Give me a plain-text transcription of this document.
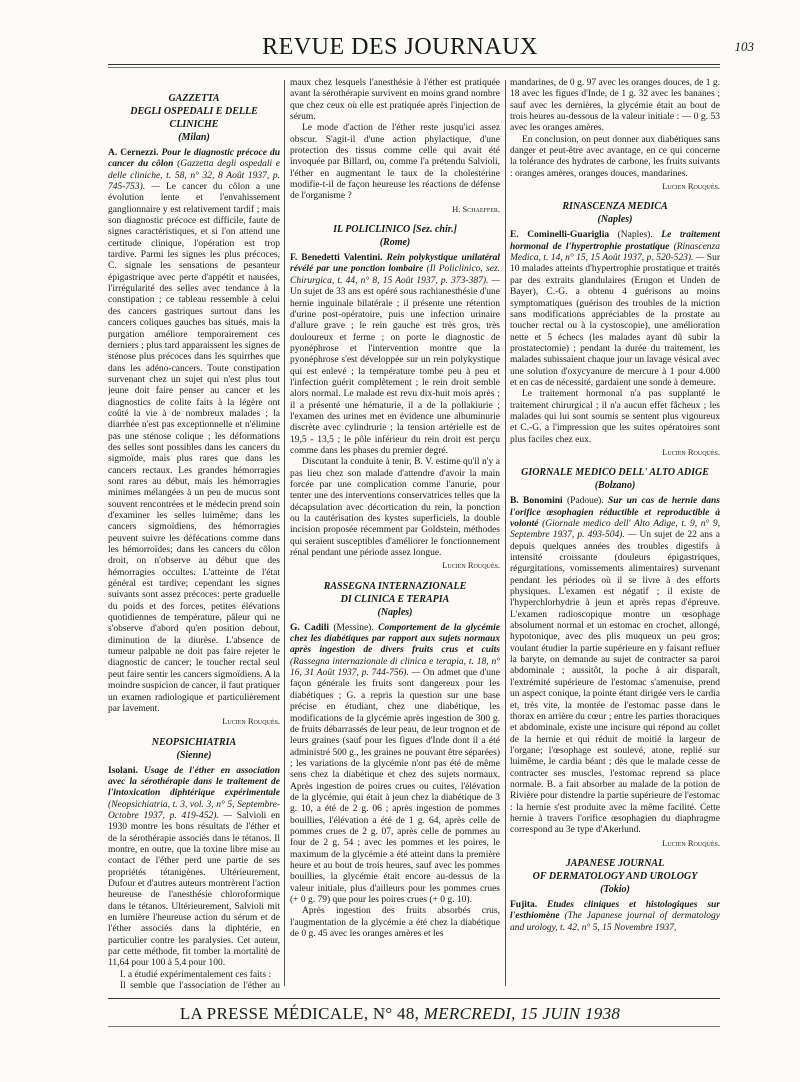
REVUE DES JOURNAUX	103
GAZZETTA
DEGLI OSPEDALI E DELLE CLINICHE
(Milan)

A. Cernezzi. Pour le diagnostic précoce du cancer du côlon (Gazzetta degli ospedali e delle cliniche, t. 58, n° 32, 8 Août 1937, p. 745-753). — Le cancer du côlon a une évolution lente et l'envahissement ganglionnaire y est relativement tardif ; mais son diagnostic précoce est difficile, faute de signes caractéristiques, et si l'on attend une certitude clinique, l'opération est trop tardive. Parmi les signes les plus précoces, C. signale les sensations de pesanteur épigastrique avec perte d'appétit et nausées, l'irrégularité des selles avec tendance à la constipation ; ce tableau ressemble à celui des cancers gastriques surtout dans les cancers coliques gauches bas situés, mais la purgation améliore temporairement ces derniers ; plus tard apparaissent les signes de sténose plus précoces dans les squirrhes que dans les adéno-cancers. Toute constipation survenant chez un sujet qui n'est plus tout jeune doit faire penser au cancer et les diagnostics de colite faits à la légère ont coûté la vie à de nombreux malades ; la diarrhée n'est pas exceptionnelle et n'élimine pas une sténose colique ; les déformations des selles sont possibles dans les cancers du sigmoïde, mais plus rares que dans les cancers rectaux. Les grandes hémorragies sont rares au début, mais les hémorragies minimes mélangées à un peu de mucus sont souvent rencontrées et le médecin prend soin d'examiner les selles luimême; dans les cancers sigmoïdiens, des hémorragies peuvent suivre les défécations comme dans les hémorroïdes; dans les cancers du côlon droit, on n'observe au début que des hémorragies occultes. L'atteinte de l'état général est tardive; cependant les signes suivants sont assez précoces: perte graduelle du poids et des forces, petites élévations quotidiennes de température, pâleur qui ne s'observe d'abord qu'en position debout, diminution de la diurèse. L'absence de tumeur palpable ne doit pas faire rejeter le diagnostic de cancer; le toucher rectal seul peut faire sentir les cancers sigmoïdiens. A la moindre suspicion de cancer, il faut pratiquer un examen radiologique et particulièrement par lavement.

Lucien Rouquès.
NEOPSICHIATRIA
(Sienne)

Isolani. Usage de l'éther en association avec la sérothérapie dans le traitement de l'intoxication diphtérique expérimentale (Neopsichiatria, t. 3, vol. 3, n° 5, Septembre-Octobre 1937, p. 419-452). — Salvioli en 1930 montre les bons résultats de l'éther et de la sérothérapie associés dans le tétanos. Il montre, en outre, que la toxine libre mise au contact de l'éther perd une partie de ses propriétés tétanigènes. Ultérieurement, Dufour et d'autres auteurs montrèrent l'action heureuse de l'anesthésie chloroformique dans le tétanos. Ultérieurement, Salvioli mit en lumière l'heureuse action du sérum et de l'éther associés dans la diphtérie, en particulier contre les paralysies. Cet auteur, par cette méthode, fit tomber la mortalité de 11,64 pour 100 à 5,4 pour 100.

I. a étudié expérimentalement ces faits :

Il semble que l'association de l'éther au

maux chez lesquels l'anesthésie à l'éther est pratiquée avant la sérothérapie survivent en moins grand nombre que chez ceux où elle est pratiquée après l'injection de sérum.

Le mode d'action de l'éther reste jusqu'ici assez obscur. S'agit-il d'une action phylactique, d'une protection des tissus comme celle qui avait été invoquée par Billard, ou, comme l'a prétendu Salvioli, l'éther en augmentant le taux de la cholestérine modifie-t-il de façon heureuse les réactions de défense de l'organisme ?

H. Schaeffer.
IL POLICLINICO [Sez. chir.]
(Rome)

F. Benedetti Valentini. Rein polykystique unilatéral révélé par une ponction lombaire (Il Policlinico, sez. Chirurgica, t. 44, n° 8, 15 Août 1937, p. 373-387). — Un sujet de 33 ans est opéré sous rachianesthésie d'une hernie inguinale bilatérale ; il présente une rétention d'urine post-opératoire, puis une infection urinaire d'allure grave ; le rein gauche est très gros, très douloureux et ferme ; on porte le diagnostic de pyonéphrose et l'intervention montre que la pyonéphrose s'est développée sur un rein polykystique qui est enlevé ; la température tombe peu à peu et l'infection guérit complètement ; le rein droit semble alors normal. Le malade est revu dix-huit mois après ; il a présenté une hématurie, il a de la pollakiurie ; l'examen des urines met en évidence une albuminurie discrète avec cylindrurie ; la tension artérielle est de 19,5 - 13,5 ; le pôle inférieur du rein droit est perçu comme dans les phases du premier degré.

Discutant la conduite à tenir, B. V. estime qu'il n'y a pas lieu chez son malade d'attendre d'avoir la main forcée par une complication comme l'anurie, pour tenter une des interventions conservatrices telles que la décapsulation avec décortication du rein, la ponction ou la cautérisation des kystes superficiels, la double incision proposée récemment par Goldstein, méthodes qui seraient susceptibles d'améliorer le fonctionnement rénal pendant une période assez longue.

Lucien Rouquès.
RASSEGNA INTERNAZIONALE
DI CLINICA E TERAPIA
(Naples)

G. Cadili (Messine). Comportement de la glycémie chez les diabétiques par rapport aux sujets normaux après ingestion de divers fruits crus et cuits (Rassegna internazionale di clinica e terapia, t. 18, n° 16, 31 Août 1937, p. 744-756). — On admet que d'une façon générale les fruits sont dangereux pour les diabétiques ; G. a repris la question sur une base précise en étudiant, chez une diabétique, les modifications de la glycémie après ingestion de 300 g. de fruits débarrassés de leur peau, de leur trognon et de leurs graines (sauf pour les figues d'Inde dont il a été administré 500 g., les graines ne pouvant être séparées) ; les variations de la glycémie n'ont pas été de même sens chez la diabétique et chez des sujets normaux. Après ingestion de poires crues ou cuites, l'élévation de la glycémie, qui était à jeun chez la diabétique de 3 g. 10, a été de 2 g. 06 ; après ingestion de pommes bouillies, l'élévation a été de 1 g. 64, après celle de pommes crues de 2 g. 07, après celle de pommes au four de 2 g. 54 ; avec les pommes et les poires, le maximum de la glycémie a été atteint dans la première heure et au bout de trois heures, sauf avec les pommes bouillies, la glycémie était encore au-dessus de la valeur initiale, plus d'ailleurs pour les pommes crues (+ 0 g. 79) que pour les poires crues (+ 0 g. 10).

Après ingestion des fruits absorbés crus, l'augmentation de la glycémie a été chez la diabétique de 0 g. 45 avec les oranges amères et les

mandarines, de 0 g. 97 avec les oranges douces, de 1 g. 18 avec les figues d'Inde, de 1 g. 32 avec les bananes ; sauf avec les dernières, la glycémie était au bout de trois heures au-dessous de la valeur initiale : — 0 g. 53 avec les oranges amères.

En conclusion, on peut donner aux diabétiques sans danger et peut-être avec avantage, en ce qui concerne la tolérance des hydrates de carbone, les fruits suivants : oranges amères, oranges douces, mandarines.

Lucien Rouquès.
RINASCENZA MEDICA
(Naples)

E. Cominelli-Guariglia (Naples). Le traitement hormonal de l'hypertrophie prostatique (Rinascenza Medica, t. 14, n° 15, 15 Août 1937, p. 520-523). — Sur 10 malades atteints d'hypertrophie prostatique et traités par des extraits glandulaires (Erugon et Unden de Bayer), C.-G. a obtenu 4 guérisons au moins symptomatiques (guérison des troubles de la miction sans modifications appréciables de la prostate au toucher rectal ou à la cystoscopie), une amélioration nette et 5 échecs (les malades ayant dû subir la prostatectomie) ; pendant la durée du traitement, les malades subissaient chaque jour un lavage vésical avec une solution d'oxycyanure de mercure à 1 pour 4.000 et en cas de nécessité, gardaient une sonde à demeure.

Le traitement hormonal n'a pas supplanté le traitement chirurgical ; il n'a aucun effet fâcheux ; les malades qui lui sont soumis se sentent plus vigoureux et C.-G. a l'impression que les suites opératoires sont plus faciles chez eux.

Lucien Rouquès.
GIORNALE MEDICO DELL' ALTO ADIGE
(Bolzano)

B. Bonomini (Padoue). Sur un cas de hernie dans l'orifice œsophagien réductible et reproductible à volonté (Giornale medico dell' Alto Adige, t. 9, n° 9, Septembre 1937, p. 493-504). — Un sujet de 22 ans a depuis quelques années des troubles digestifs à intensité croissante (douleurs épigastriques, régurgitations, vomissements alimentaires) survenant pendant les périodes où il se livre à des efforts physiques. L'examen est négatif ; il existe de l'hyperchlorhydrie à jeun et après repas d'épreuve. L'examen radioscopique montre un œsophage absolument normal et un estomac en crochet, allongé, hypotonique, avec des plis muqueux un peu gros; voulant étudier la partie supérieure en y faisant refluer la baryte, on demande au sujet de contracter sa paroi abdominale ; aussitôt, la poche à air disparaît, l'extrémité supérieure de l'estomac s'amenuise, prend un aspect conique, la pointe étant dirigée vers le cardia et, très vite, la montée de l'estomac passe dans le thorax en arrière du cœur ; entre les parties thoraciques et abdominale, existe une incisure qui répond au collet de la hernie et qui réduit de moitié la largeur de l'organe; l'œsophage est soulevé, atone, replié sur luimême, le cardia béant ; dès que le malade cesse de contracter ses muscles, l'estomac reprend sa place normale. B. a fait absorber au malade de la potion de Rivière pour distendre la partie supérieure de l'estomac : la hernie s'est produite avec la même facilité. Cette hernie à travers l'orifice œsophagien du diaphragme correspond au 3e type d'Akerlund.

Lucien Rouquès.
JAPANESE JOURNAL
OF DERMATOLOGY AND UROLOGY
(Tokio)

Fujita. Etudes cliniques et histologiques sur l'esthiomène (The Japanese journal of dermatology and urology, t. 42, n° 5, 15 Novembre 1937,

LA PRESSE MÉDICALE, N° 48, MERCREDI, 15 JUIN 1938
